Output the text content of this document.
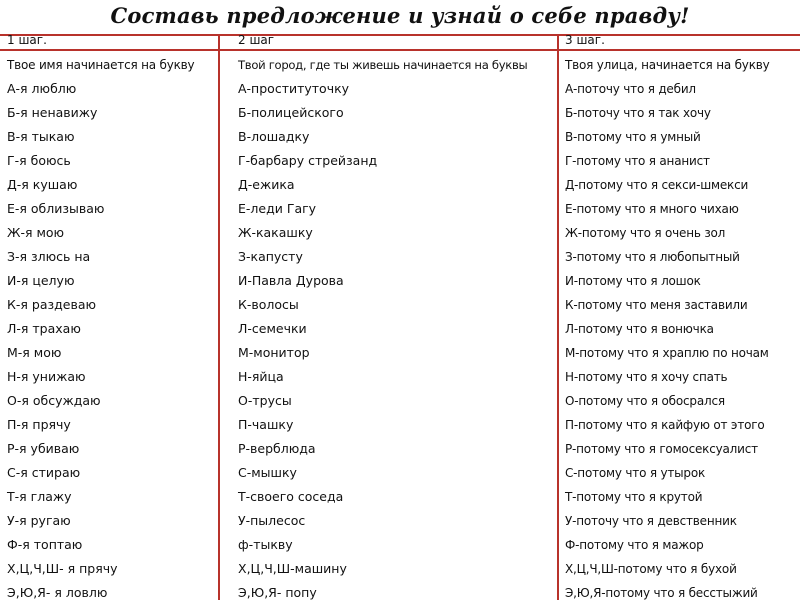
Составь предложение и узнай о себе правду!
1 шаг.
Твое имя начинается на букву
А-я люблю
Б-я ненавижу
В-я тыкаю
Г-я боюсь
Д-я кушаю
Е-я облизываю
Ж-я мою
З-я злюсь на
И-я целую
К-я раздеваю
Л-я трахаю
М-я мою
Н-я унижаю
О-я обсуждаю
П-я прячу
Р-я убиваю
С-я стираю
Т-я глажу
У-я ругаю
Ф-я топтаю
Х,Ц,Ч,Ш- я прячу
Э,Ю,Я- я ловлю
2 шаг
Твой город, где ты живешь начинается на буквы
А-проституточку
Б-полицейского
В-лошадку
Г-барбару стрейзанд
Д-ежика
Е-леди Гагу
Ж-какашку
З-капусту
И-Павла Дурова
К-волосы
Л-семечки
М-монитор
Н-яйца
О-трусы
П-чашку
Р-верблюда
С-мышку
Т-своего соседа
У-пылесос
ф-тыкву
Х,Ц,Ч,Ш-машину
Э,Ю,Я- попу
3 шаг.
Твоя улица, начинается на букву
А-поточу что я дебил
Б-поточу что я так хочу
В-потому что я умный
Г-потому что я ананист
Д-потому что я секси-шмекси
Е-потому что я много чихаю
Ж-потому что я очень зол
З-потому что я любопытный
И-потому что я лошок
К-потому что меня заставили
Л-потому что я вонючка
М-потому что я храплю по ночам
Н-потому что я хочу спать
О-потому что я обосрался
П-потому что я кайфую от этого
Р-потому что я гомосексуалист
С-потому что я утырок
Т-потому что я крутой
У-поточу что я девственник
Ф-потому что я мажор
Х,Ц,Ч,Ш-потому что я бухой
Э,Ю,Я-потому что я бесстыжий
